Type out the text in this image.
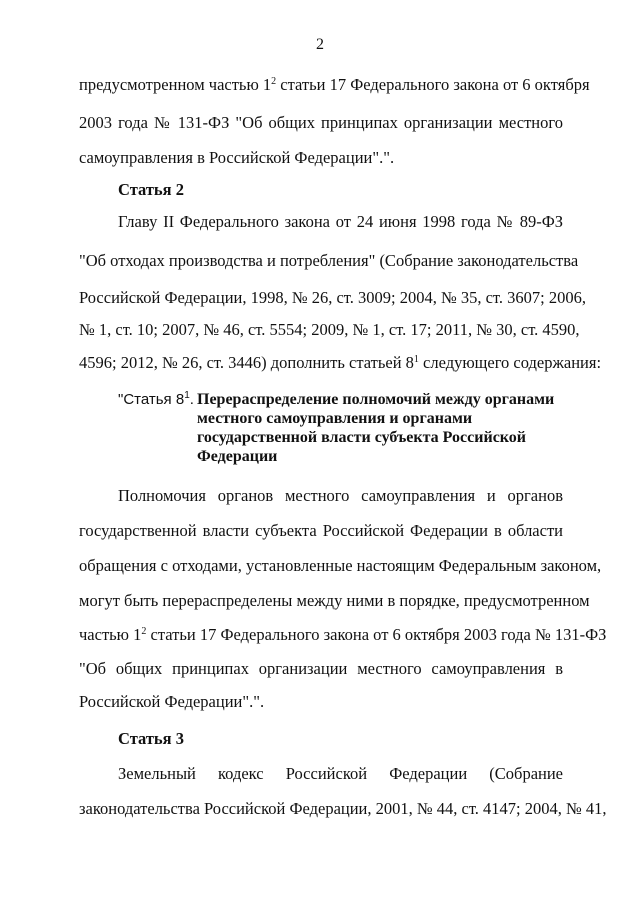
2
предусмотренном частью $1^2$ статьи 17 Федерального закона от 6 октября
2003 года № 131-ФЗ "Об общих принципах организации местного
самоуправления в Российской Федерации".".
Статья 2
Главу II Федерального закона от 24 июня 1998 года № 89-ФЗ
"Об отходах производства и потребления" (Собрание законодательства
Российской Федерации, 1998, № 26, ст. 3009; 2004, № 35, ст. 3607; 2006,
№ 1, ст. 10; 2007, № 46, ст. 5554; 2009, № 1, ст. 17; 2011, № 30, ст. 4590,
4596; 2012, № 26, ст. 3446) дополнить статьей $8^1$ следующего содержания:
"Статья $8^1$. Перераспределение полномочий между органами
местного самоуправления и органами
государственной власти субъекта Российской
Федерации
Полномочия органов местного самоуправления и органов
государственной власти субъекта Российской Федерации в области
обращения с отходами, установленные настоящим Федеральным законом,
могут быть перераспределены между ними в порядке, предусмотренном
частью $1^2$ статьи 17 Федерального закона от 6 октября 2003 года № 131-ФЗ
"Об общих принципах организации местного самоуправления в
Российской Федерации".".
Статья 3
Земельный кодекс Российской Федерации (Собрание
законодательства Российской Федерации, 2001, № 44, ст. 4147; 2004, № 41,
